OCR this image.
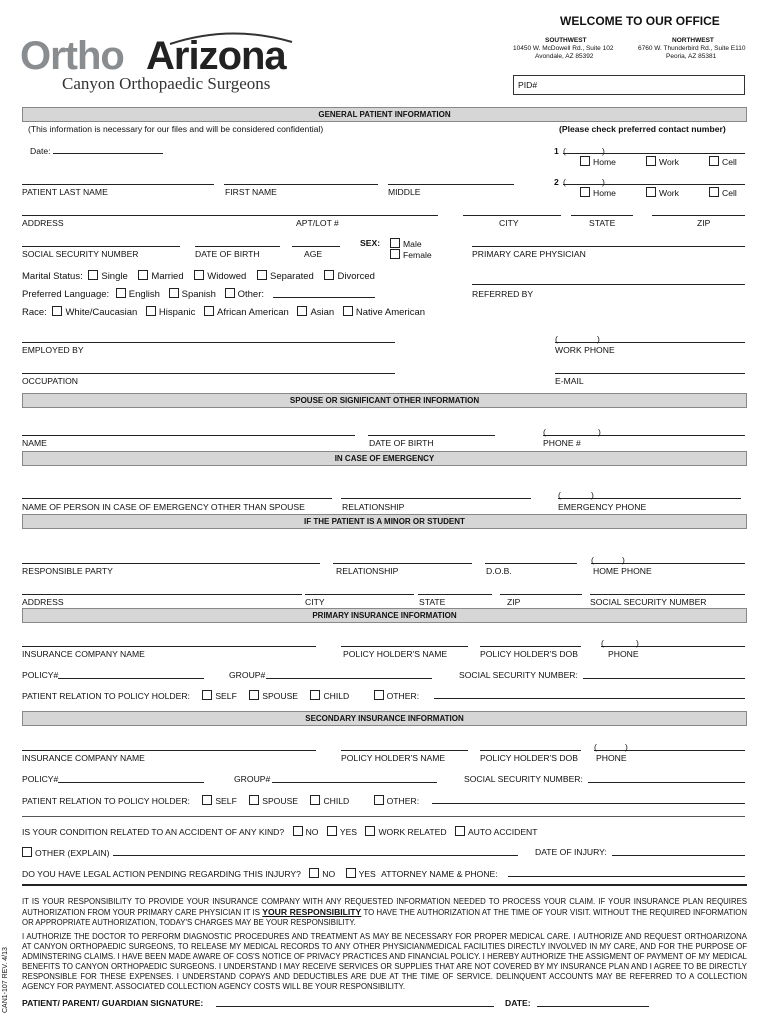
Ortho Arizona
Canyon Orthopaedic Surgeons
WELCOME TO OUR OFFICE
SOUTHWEST
10450 W. McDowell Rd., Suite 102
Avondale, AZ 85392
NORTHWEST
6760 W. Thunderbird Rd., Suite E110
Peoria, AZ 85381
PID#
GENERAL PATIENT INFORMATION
(This information is necessary for our files and will be considered confidential)	(Please check preferred contact number)
Date:	1 (	)
Home	Work	Cell
PATIENT LAST NAME	FIRST NAME	MIDDLE
2 (	)
Home	Work	Cell
ADDRESS	APT/LOT #	CITY	STATE	ZIP
SOCIAL SECURITY NUMBER	DATE OF BIRTH	AGE
SEX:	Male
Female	PRIMARY CARE PHYSICIAN
Marital Status: Single Married Widowed Separated Divorced
Preferred Language: English Spanish Other:	REFERRED BY
Race: White/Caucasian Hispanic African American Asian Native American
(	)
EMPLOYED BY	WORK PHONE
OCCUPATION	E-MAIL
SPOUSE OR SIGNIFICANT OTHER INFORMATION
(	)
NAME	DATE OF BIRTH	PHONE #
IN CASE OF EMERGENCY
(	)
NAME OF PERSON IN CASE OF EMERGENCY OTHER THAN SPOUSE	RELATIONSHIP	EMERGENCY PHONE
IF THE PATIENT IS A MINOR OR STUDENT
(	)
RESPONSIBLE PARTY	RELATIONSHIP	D.O.B.	HOME PHONE
ADDRESS	CITY	STATE	ZIP	SOCIAL SECURITY NUMBER
PRIMARY INSURANCE INFORMATION
(	)
INSURANCE COMPANY NAME	POLICY HOLDER'S NAME	POLICY HOLDER'S DOB	PHONE
POLICY#	GROUP#	SOCIAL SECURITY NUMBER:
PATIENT RELATION TO POLICY HOLDER:	SELF	SPOUSE	CHILD	OTHER:
SECONDARY INSURANCE INFORMATION
(	)
INSURANCE COMPANY NAME	POLICY HOLDER'S NAME	POLICY HOLDER'S DOB PHONE
POLICY#	GROUP#	SOCIAL SECURITY NUMBER:
PATIENT RELATION TO POLICY HOLDER:	SELF	SPOUSE	CHILD	OTHER:
IS YOUR CONDITION RELATED TO AN ACCIDENT OF ANY KIND? NO YES WORK RELATED AUTO ACCIDENT
OTHER (EXPLAIN)	DATE OF INJURY:
DO YOU HAVE LEGAL ACTION PENDING REGARDING THIS INJURY? NO	YES ATTORNEY NAME & PHONE:
IT IS YOUR RESPONSIBILITY TO PROVIDE YOUR INSURANCE COMPANY WITH ANY REQUESTED INFORMATION NEEDED TO PROCESS YOUR CLAIM. IF YOUR INSURANCE PLAN REQUIRES AUTHORIZATION FROM YOUR PRIMARY CARE PHYSICIAN IT IS YOUR RESPONSIBILITY TO HAVE THE AUTHORIZATION AT THE TIME OF YOUR VISIT. WITHOUT THE REQUIRED INFORMATION OR APPROPRIATE AUTHORIZATION, TODAY'S CHARGES MAY BE YOUR RESPONSIBILITY.
I AUTHORIZE THE DOCTOR TO PERFORM DIAGNOSTIC PROCEDURES AND TREATMENT AS MAY BE NECESSARY FOR PROPER MEDICAL CARE. I AUTHORIZE AND REQUEST ORTHOARIZONA AT CANYON ORTHOPAEDIC SURGEONS, TO RELEASE MY MEDICAL RECORDS TO ANY OTHER PHYSICIAN/MEDICAL FACILITIES DIRECTLY INVOLVED IN MY CARE, AND FOR THE PURPOSE OF ADMINSTERING CLAIMS. I HAVE BEEN MADE AWARE OF COS'S NOTICE OF PRIVACY PRACTICES AND FINANCIAL POLICY. I HEREBY AUTHORIZE THE ASSIGMENT OF PAYMENT OF MY MEDICAL BENEFITS TO CANYON ORTHOPAEDIC SURGEONS. I UNDERSTAND I MAY RECEIVE SERVICES OR SUPPLIES THAT ARE NOT COVERED BY MY INSURANCE PLAN AND I AGREE TO BE DIRECTLY RESPONSIBLE FOR THESE EXPENSES. I UNDERSTAND COPAYS AND DEDUCTIBLES ARE DUE AT THE TIME OF SERVICE. DELINQUENT ACCOUNTS MAY BE REFERRED TO A COLLECTION AGENCY FOR PAYMENT. ASSOCIATED COLLECTION AGENCY COSTS WILL BE YOUR RESPONSIBILITY.
CAN1-107 REV. 4/13 PATIENT/ PARENT/ GUARDIAN SIGNATURE:	DATE:
